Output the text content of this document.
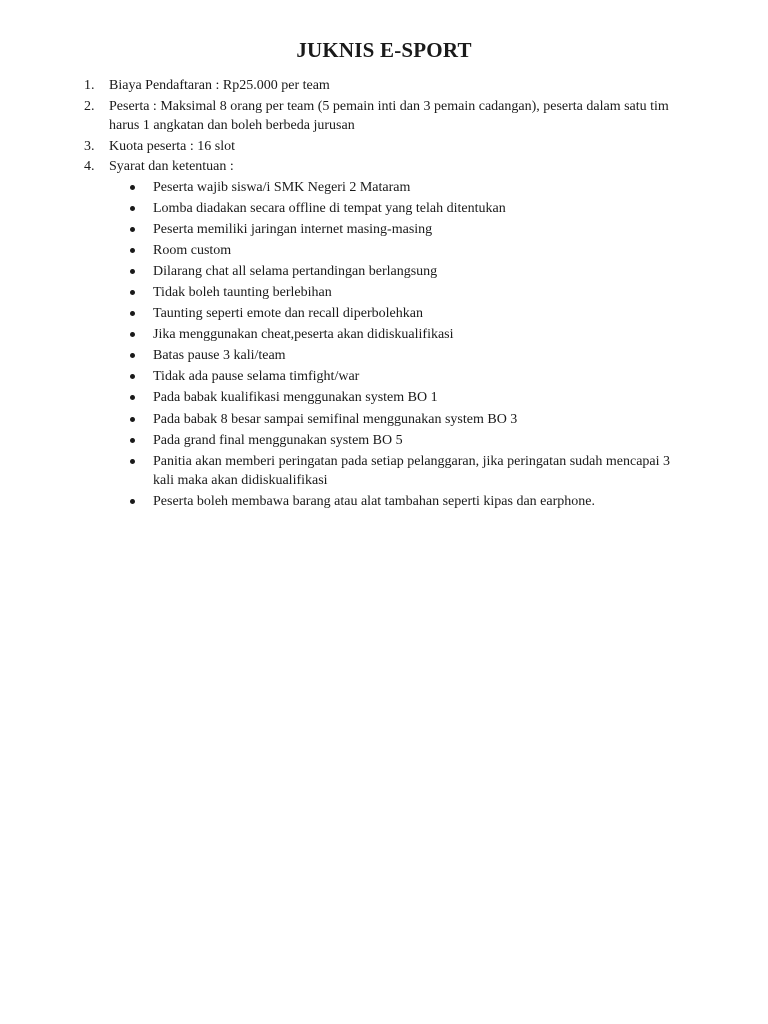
JUKNIS E-SPORT
1. Biaya Pendaftaran : Rp25.000 per team
2. Peserta : Maksimal 8 orang per team (5 pemain inti dan 3 pemain cadangan), peserta dalam satu tim harus 1 angkatan dan boleh berbeda jurusan
3. Kuota peserta : 16 slot
4. Syarat dan ketentuan :
Peserta wajib siswa/i SMK Negeri 2 Mataram
Lomba diadakan secara offline di tempat yang telah ditentukan
Peserta memiliki jaringan internet masing-masing
Room custom
Dilarang chat all selama pertandingan berlangsung
Tidak boleh taunting berlebihan
Taunting seperti emote dan recall diperbolehkan
Jika menggunakan cheat,peserta akan didiskualifikasi
Batas pause 3 kali/team
Tidak ada pause selama timfight/war
Pada babak kualifikasi menggunakan system BO 1
Pada babak 8 besar sampai semifinal menggunakan system BO 3
Pada grand final menggunakan system BO 5
Panitia akan memberi peringatan pada setiap pelanggaran, jika peringatan sudah mencapai 3 kali maka akan didiskualifikasi
Peserta boleh membawa barang atau alat tambahan seperti kipas dan earphone.
